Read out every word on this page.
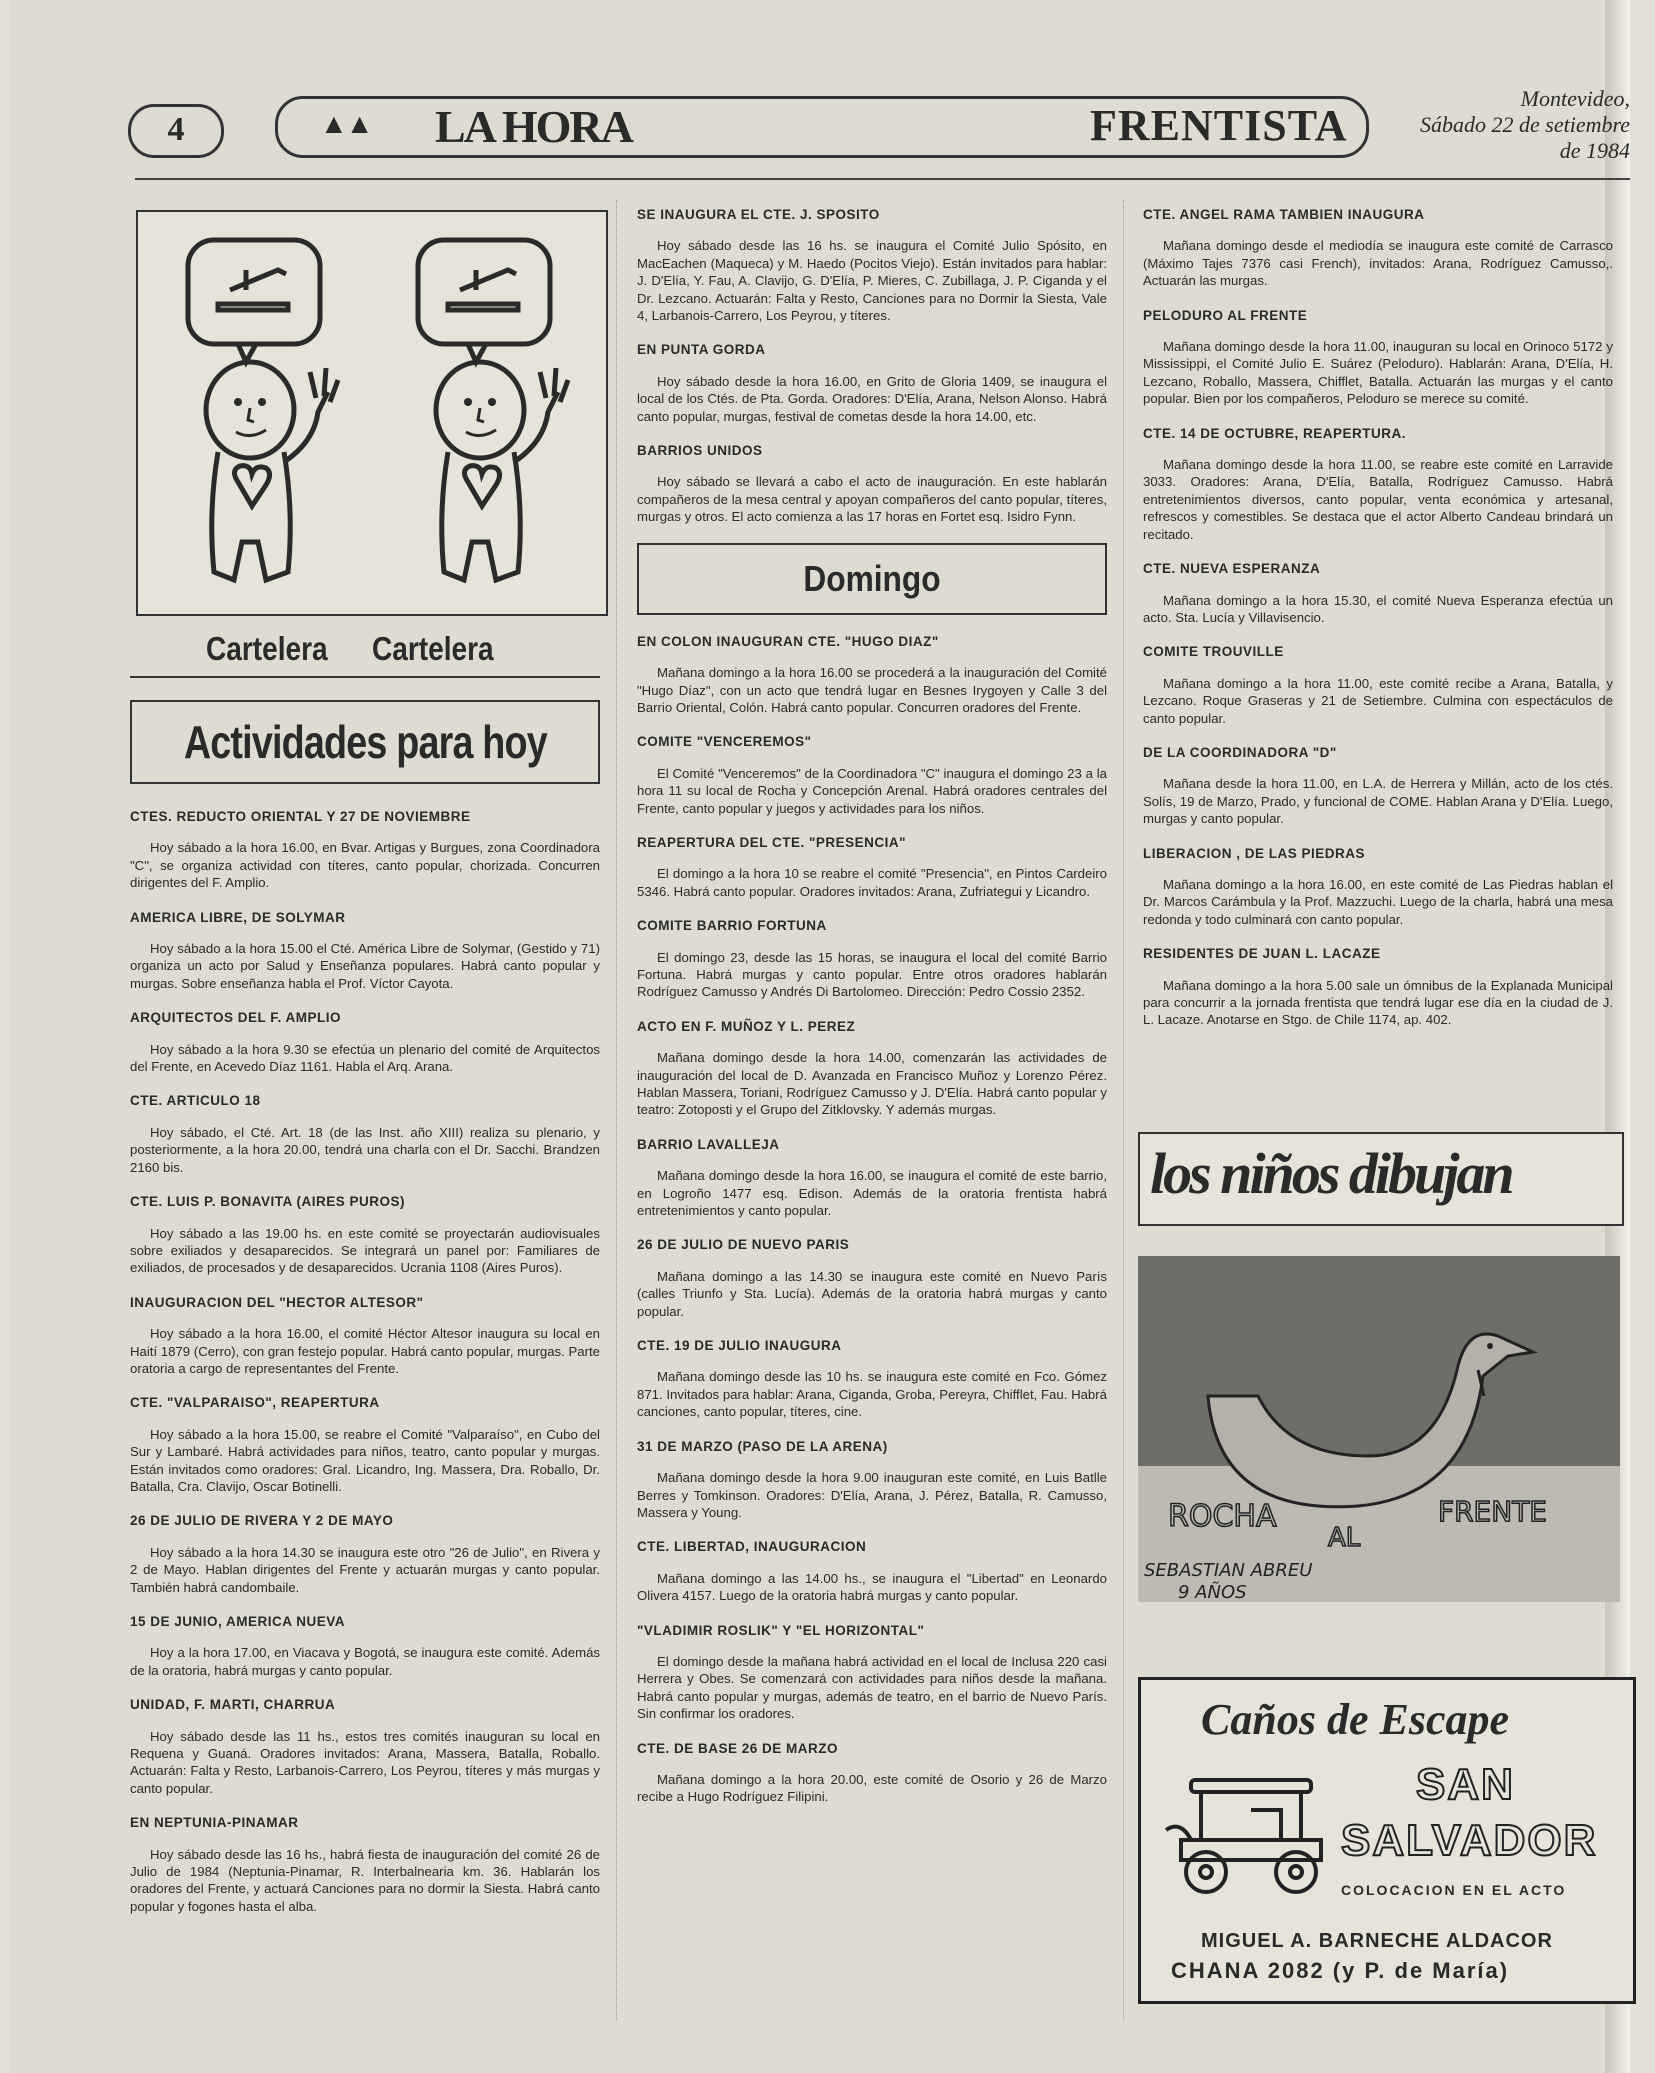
4	▲▲ LA HORA	FRENTISTA
Montevideo,
Sábado 22 de setiembre
de 1984
Cartelera Cartelera
Actividades para hoy
CTES. REDUCTO ORIENTAL Y 27 DE NOVIEMBRE
Hoy sábado a la hora 16.00, en Bvar. Artigas y Burgues, zona Coordinadora "C", se organiza actividad con títeres, canto popular, chorizada. Concurren dirigentes del F. Amplio.
AMERICA LIBRE, DE SOLYMAR
Hoy sábado a la hora 15.00 el Cté. América Libre de Solymar, (Gestido y 71) organiza un acto por Salud y Enseñanza populares. Habrá canto popular y murgas. Sobre enseñanza habla el Prof. Víctor Cayota.
ARQUITECTOS DEL F. AMPLIO
Hoy sábado a la hora 9.30 se efectúa un plenario del comité de Arquitectos del Frente, en Acevedo Díaz 1161. Habla el Arq. Arana.
CTE. ARTICULO 18
Hoy sábado, el Cté. Art. 18 (de las Inst. año XIII) realiza su plenario, y posteriormente, a la hora 20.00, tendrá una charla con el Dr. Sacchi. Brandzen 2160 bis.
CTE. LUIS P. BONAVITA (AIRES PUROS)
Hoy sábado a las 19.00 hs. en este comité se proyectarán audiovisuales sobre exiliados y desaparecidos. Se integrará un panel por: Familiares de exiliados, de procesados y de desaparecidos. Ucrania 1108 (Aires Puros).
INAUGURACION DEL "HECTOR ALTESOR"
Hoy sábado a la hora 16.00, el comité Héctor Altesor inaugura su local en Haití 1879 (Cerro), con gran festejo popular. Habrá canto popular, murgas. Parte oratoria a cargo de representantes del Frente.
CTE. "VALPARAISO", REAPERTURA
Hoy sábado a la hora 15.00, se reabre el Comité "Valparaíso", en Cubo del Sur y Lambaré. Habrá actividades para niños, teatro, canto popular y murgas. Están invitados como oradores: Gral. Licandro, Ing. Massera, Dra. Roballo, Dr. Batalla, Cra. Clavijo, Oscar Botinelli.
26 DE JULIO DE RIVERA Y 2 DE MAYO
Hoy sábado a la hora 14.30 se inaugura este otro "26 de Julio", en Rivera y 2 de Mayo. Hablan dirigentes del Frente y actuarán murgas y canto popular. También habrá candombaile.
15 DE JUNIO, AMERICA NUEVA
Hoy a la hora 17.00, en Viacava y Bogotá, se inaugura este comité. Además de la oratoria, habrá murgas y canto popular.
UNIDAD, F. MARTI, CHARRUA
Hoy sábado desde las 11 hs., estos tres comités inauguran su local en Requena y Guaná. Oradores invitados: Arana, Massera, Batalla, Roballo. Actuarán: Falta y Resto, Larbanois-Carrero, Los Peyrou, títeres y más murgas y canto popular.
EN NEPTUNIA-PINAMAR
Hoy sábado desde las 16 hs., habrá fiesta de inauguración del comité 26 de Julio de 1984 (Neptunia-Pinamar, R. Interbalnearia km. 36. Hablarán los oradores del Frente, y actuará Canciones para no dormir la Siesta. Habrá canto popular y fogones hasta el alba.
SE INAUGURA EL CTE. J. SPOSITO
Hoy sábado desde las 16 hs. se inaugura el Comité Julio Spósito, en MacEachen (Maqueca) y M. Haedo (Pocitos Viejo). Están invitados para hablar: J. D'Elía, Y. Fau, A. Clavijo, G. D'Elía, P. Mieres, C. Zubillaga, J. P. Ciganda y el Dr. Lezcano. Actuarán: Falta y Resto, Canciones para no Dormir la Siesta, Vale 4, Larbanois-Carrero, Los Peyrou, y títeres.
EN PUNTA GORDA
Hoy sábado desde la hora 16.00, en Grito de Gloria 1409, se inaugura el local de los Ctés. de Pta. Gorda. Oradores: D'Elía, Arana, Nelson Alonso. Habrá canto popular, murgas, festival de cometas desde la hora 14.00, etc.
BARRIOS UNIDOS
Hoy sábado se llevará a cabo el acto de inauguración. En este hablarán compañeros de la mesa central y apoyan compañeros del canto popular, títeres, murgas y otros. El acto comienza a las 17 horas en Fortet esq. Isidro Fynn.
Domingo
EN COLON INAUGURAN CTE. "HUGO DIAZ"
Mañana domingo a la hora 16.00 se procederá a la inauguración del Comité "Hugo Díaz", con un acto que tendrá lugar en Besnes Irygoyen y Calle 3 del Barrio Oriental, Colón. Habrá canto popular. Concurren oradores del Frente.
COMITE "VENCEREMOS"
El Comité "Venceremos" de la Coordinadora "C" inaugura el domingo 23 a la hora 11 su local de Rocha y Concepción Arenal. Habrá oradores centrales del Frente, canto popular y juegos y actividades para los niños.
REAPERTURA DEL CTE. "PRESENCIA"
El domingo a la hora 10 se reabre el comité "Presencia", en Pintos Cardeiro 5346. Habrá canto popular. Oradores invitados: Arana, Zufriategui y Licandro.
COMITE BARRIO FORTUNA
El domingo 23, desde las 15 horas, se inaugura el local del comité Barrio Fortuna. Habrá murgas y canto popular. Entre otros oradores hablarán Rodríguez Camusso y Andrés Di Bartolomeo. Dirección: Pedro Cossio 2352.
ACTO EN F. MUÑOZ Y L. PEREZ
Mañana domingo desde la hora 14.00, comenzarán las actividades de inauguración del local de D. Avanzada en Francisco Muñoz y Lorenzo Pérez. Hablan Massera, Toriani, Rodríguez Camusso y J. D'Elía. Habrá canto popular y teatro: Zotoposti y el Grupo del Zitklovsky. Y además murgas.
BARRIO LAVALLEJA
Mañana domingo desde la hora 16.00, se inaugura el comité de este barrio, en Logroño 1477 esq. Edison. Además de la oratoria frentista habrá entretenimientos y canto popular.
26 DE JULIO DE NUEVO PARIS
Mañana domingo a las 14.30 se inaugura este comité en Nuevo París (calles Triunfo y Sta. Lucía). Además de la oratoria habrá murgas y canto popular.
CTE. 19 DE JULIO INAUGURA
Mañana domingo desde las 10 hs. se inaugura este comité en Fco. Gómez 871. Invitados para hablar: Arana, Ciganda, Groba, Pereyra, Chifflet, Fau. Habrá canciones, canto popular, títeres, cine.
31 DE MARZO (PASO DE LA ARENA)
Mañana domingo desde la hora 9.00 inauguran este comité, en Luis Batlle Berres y Tomkinson. Oradores: D'Elía, Arana, J. Pérez, Batalla, R. Camusso, Massera y Young.
CTE. LIBERTAD, INAUGURACION
Mañana domingo a las 14.00 hs., se inaugura el "Libertad" en Leonardo Olivera 4157. Luego de la oratoria habrá murgas y canto popular.
"VLADIMIR ROSLIK" Y "EL HORIZONTAL"
El domingo desde la mañana habrá actividad en el local de Inclusa 220 casi Herrera y Obes. Se comenzará con actividades para niños desde la mañana. Habrá canto popular y murgas, además de teatro, en el barrio de Nuevo París. Sin confirmar los oradores.
CTE. DE BASE 26 DE MARZO
Mañana domingo a la hora 20.00, este comité de Osorio y 26 de Marzo recibe a Hugo Rodríguez Filipini.
CTE. ANGEL RAMA TAMBIEN INAUGURA
Mañana domingo desde el mediodía se inaugura este comité de Carrasco (Máximo Tajes 7376 casi French), invitados: Arana, Rodríguez Camusso,. Actuarán las murgas.
PELODURO AL FRENTE
Mañana domingo desde la hora 11.00, inauguran su local en Orinoco 5172 y Mississippi, el Comité Julio E. Suárez (Peloduro). Hablarán: Arana, D'Elía, H. Lezcano, Roballo, Massera, Chifflet, Batalla. Actuarán las murgas y el canto popular. Bien por los compañeros, Peloduro se merece su comité.
CTE. 14 DE OCTUBRE, REAPERTURA.
Mañana domingo desde la hora 11.00, se reabre este comité en Larravide 3033. Oradores: Arana, D'Elía, Batalla, Rodríguez Camusso. Habrá entretenimientos diversos, canto popular, venta económica y artesanal, refrescos y comestibles. Se destaca que el actor Alberto Candeau brindará un recitado.
CTE. NUEVA ESPERANZA
Mañana domingo a la hora 15.30, el comité Nueva Esperanza efectúa un acto. Sta. Lucía y Villavisencio.
COMITE TROUVILLE
Mañana domingo a la hora 11.00, este comité recibe a Arana, Batalla, y Lezcano. Roque Graseras y 21 de Setiembre. Culmina con espectáculos de canto popular.
DE LA COORDINADORA "D"
Mañana desde la hora 11.00, en L.A. de Herrera y Millán, acto de los ctés. Solís, 19 de Marzo, Prado, y funcional de COME. Hablan Arana y D'Elía. Luego, murgas y canto popular.
LIBERACION , DE LAS PIEDRAS
Mañana domingo a la hora 16.00, en este comité de Las Piedras hablan el Dr. Marcos Carámbula y la Prof. Mazzuchi. Luego de la charla, habrá una mesa redonda y todo culminará con canto popular.
RESIDENTES DE JUAN L. LACAZE
Mañana domingo a la hora 5.00 sale un ómnibus de la Explanada Municipal para concurrir a la jornada frentista que tendrá lugar ese día en la ciudad de J. L. Lacaze. Anotarse en Stgo. de Chile 1174, ap. 402.
los niños dibujan
ROCHA
AL
FRENTE
SEBASTIAN ABREU
9 AÑOS
Caños de Escape
SAN
SALVADOR
COLOCACION EN EL ACTO
MIGUEL A. BARNECHE ALDACOR
CHANA 2082 (y P. de María)
